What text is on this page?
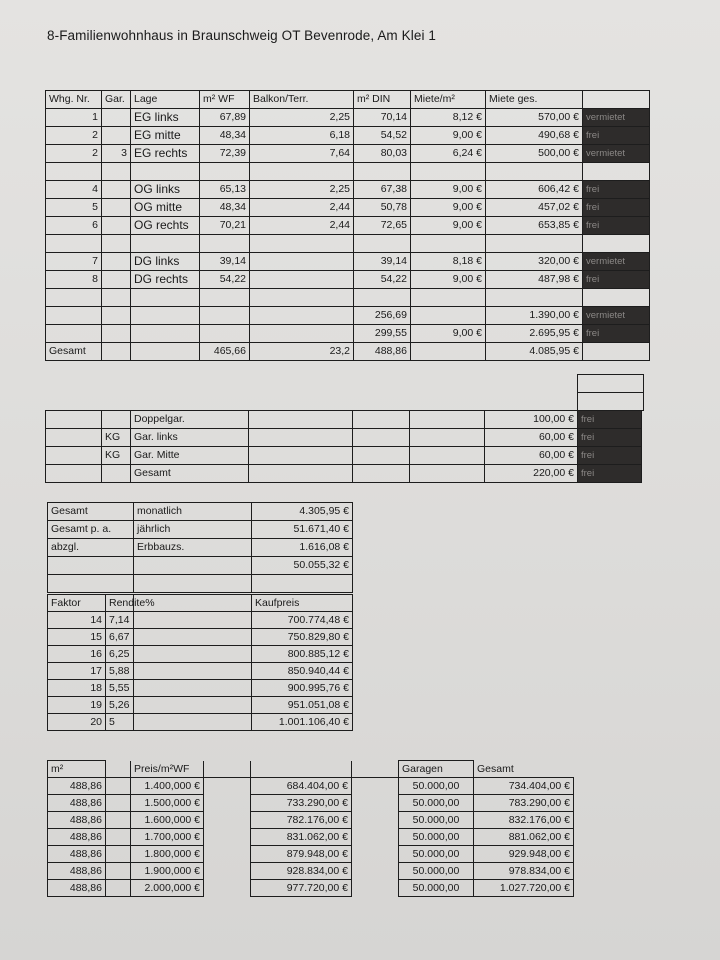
8-Familienwohnhaus in Braunschweig OT Bevenrode, Am Klei 1
Whg. Nr.	Gar.	Lage	m² WF	Balkon/Terr.	m² DIN	Miete/m²	Miete ges.	
1		EG links	67,89	2,25	70,14	8,12 €	570,00 €	vermietet
2		EG mitte	48,34	6,18	54,52	9,00 €	490,68 €	frei
2	3	EG rechts	72,39	7,64	80,03	6,24 €	500,00 €	vermietet

4		OG links	65,13	2,25	67,38	9,00 €	606,42 €	frei
5		OG mitte	48,34	2,44	50,78	9,00 €	457,02 €	frei
6		OG rechts	70,21	2,44	72,65	9,00 €	653,85 €	frei

7		DG links	39,14		39,14	8,18 €	320,00 €	vermietet
8		DG rechts	54,22		54,22	9,00 €	487,98 €	frei

					256,69		1.390,00 €	vermietet
					299,55	9,00 €	2.695,95 €	frei
Gesamt			465,66	23,2	488,86		4.085,95 €	

		Doppelgar.				100,00 €	frei
	KG	Gar. links				60,00 €	frei
	KG	Gar. Mitte				60,00 €	frei
		Gesamt				220,00 €	frei
Gesamt	monatlich	4.305,95 €
Gesamt p. a.	jährlich	51.671,40 €
abzgl.	Erbbauzs.	1.616,08 €
		50.055,32 €

Faktor	Rendite%		Kaufpreis
14	7,14		700.774,48 €
15	6,67		750.829,80 €
16	6,25		800.885,12 €
17	5,88		850.940,44 €
18	5,55		900.995,76 €
19	5,26		951.051,08 €
20	5		1.001.106,40 €
m²		Preis/m²WF				Garagen	Gesamt
488,86		1.400,000 €		684.404,00 €		50.000,00	734.404,00 €
488,86		1.500,000 €		733.290,00 €		50.000,00	783.290,00 €
488,86		1.600,000 €		782.176,00 €		50.000,00	832.176,00 €
488,86		1.700,000 €		831.062,00 €		50.000,00	881.062,00 €
488,86		1.800,000 €		879.948,00 €		50.000,00	929.948,00 €
488,86		1.900,000 €		928.834,00 €		50.000,00	978.834,00 €
488,86		2.000,000 €		977.720,00 €		50.000,00	1.027.720,00 €
